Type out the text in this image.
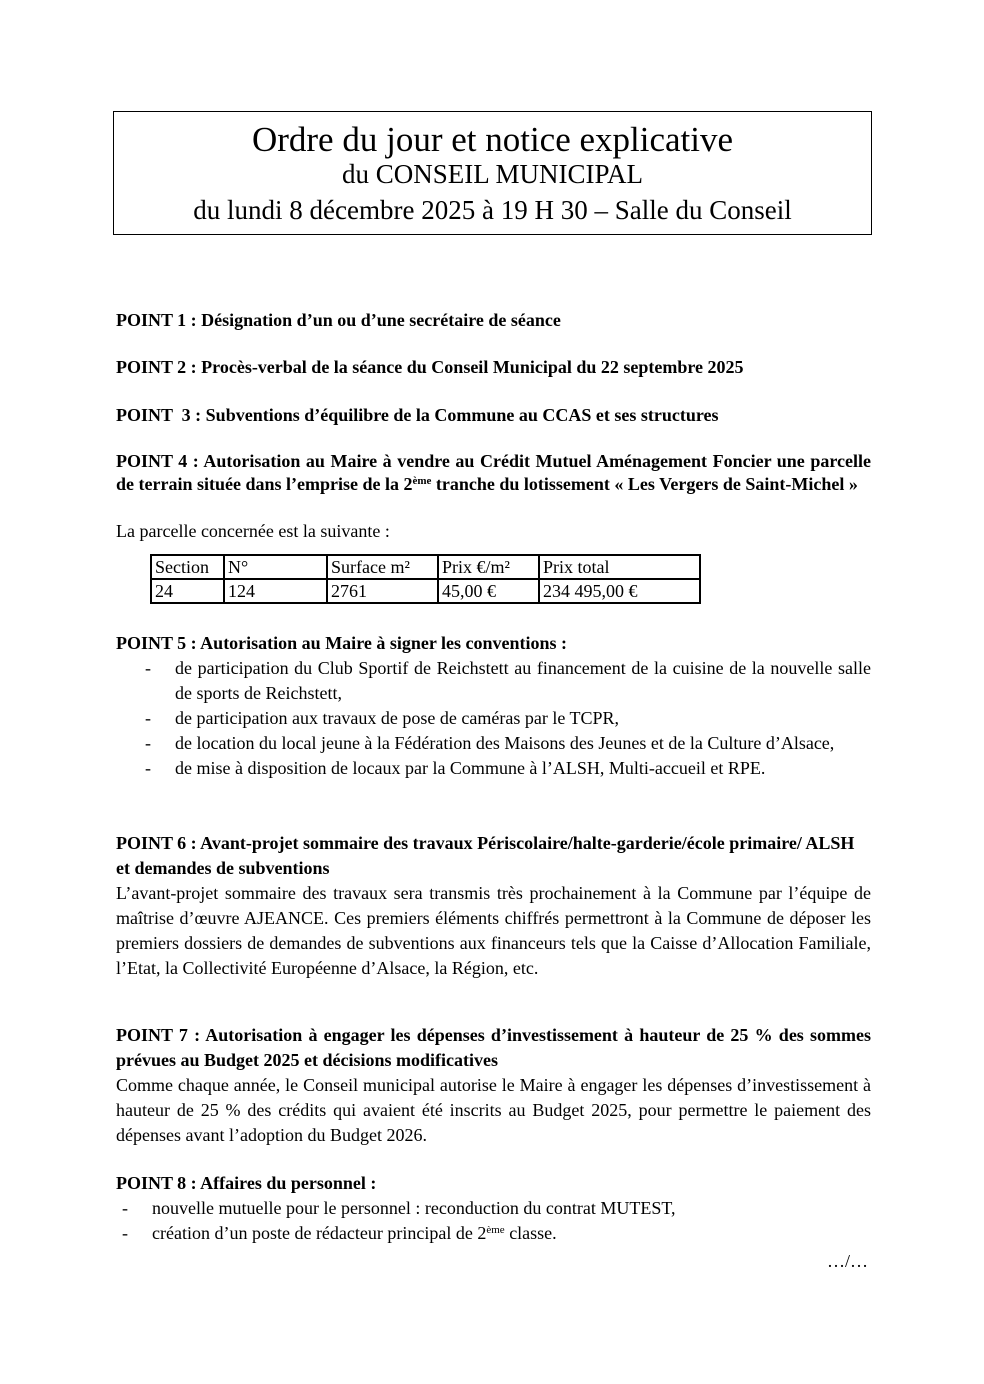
Ordre du jour et notice explicative
du CONSEIL MUNICIPAL
du lundi 8 décembre 2025 à 19 H 30 – Salle du Conseil
POINT 1 : Désignation d’un ou d’une secrétaire de séance
POINT 2 : Procès-verbal de la séance du Conseil Municipal du 22 septembre 2025
POINT  3 : Subventions d’équilibre de la Commune au CCAS et ses structures
POINT 4 : Autorisation au Maire à vendre au Crédit Mutuel Aménagement Foncier une parcelle de terrain située dans l’emprise de la 2ème tranche du lotissement « Les Vergers de Saint-Michel »
La parcelle concernée est la suivante :
Section	N°	Surface m²	Prix €/m²	Prix total
24	124	2761	45,00 €	234 495,00 €
POINT 5 : Autorisation au Maire à signer les conventions :
- de participation du Club Sportif de Reichstett au financement de la cuisine de la nouvelle salle de sports de Reichstett,
- de participation aux travaux de pose de caméras par le TCPR,
- de location du local jeune à la Fédération des Maisons des Jeunes et de la Culture d’Alsace,
- de mise à disposition de locaux par la Commune à l’ALSH, Multi-accueil et RPE.
POINT 6 : Avant-projet sommaire des travaux Périscolaire/halte-garderie/école primaire/ ALSH et demandes de subventions
L’avant-projet sommaire des travaux sera transmis très prochainement à la Commune par l’équipe de maîtrise d’œuvre AJEANCE. Ces premiers éléments chiffrés permettront à la Commune de déposer les premiers dossiers de demandes de subventions aux financeurs tels que la Caisse d’Allocation Familiale, l’Etat, la Collectivité Européenne d’Alsace, la Région, etc.
POINT 7 : Autorisation à engager les dépenses d’investissement à hauteur de 25 % des sommes prévues au Budget 2025 et décisions modificatives
Comme chaque année, le Conseil municipal autorise le Maire à engager les dépenses d’investissement à hauteur de 25 % des crédits qui avaient été inscrits au Budget 2025, pour permettre le paiement des dépenses avant l’adoption du Budget 2026.
POINT 8 : Affaires du personnel :
- nouvelle mutuelle pour le personnel : reconduction du contrat MUTEST,
- création d’un poste de rédacteur principal de 2ème classe.
…/…
